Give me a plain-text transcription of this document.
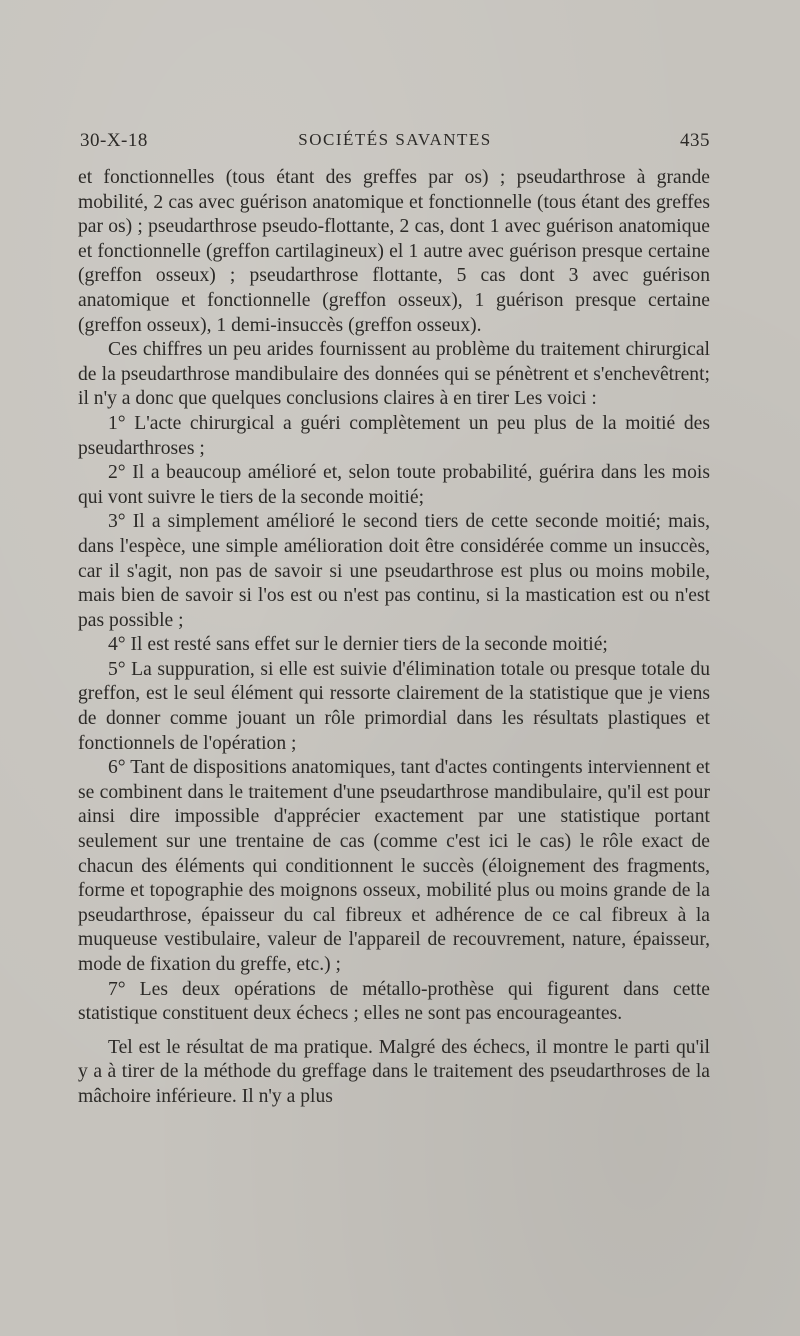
30-X-18	SOCIÉTÉS SAVANTES	435

et fonctionnelles (tous étant des greffes par os) ; pseudarthrose à grande mobilité, 2 cas avec guérison anatomique et fonctionnelle (tous étant des greffes par os) ; pseudarthrose pseudo-flottante, 2 cas, dont 1 avec guérison anatomique et fonctionnelle (greffon cartilagineux) el 1 autre avec guérison presque certaine (greffon osseux) ; pseudarthrose flottante, 5 cas dont 3 avec guérison anatomique et fonctionnelle (greffon osseux), 1 guérison presque certaine (greffon osseux), 1 demi-insuccès (greffon osseux).

Ces chiffres un peu arides fournissent au problème du traitement chirurgical de la pseudarthrose mandibulaire des données qui se pénètrent et s'enchevêtrent; il n'y a donc que quelques conclusions claires à en tirer Les voici :

1° L'acte chirurgical a guéri complètement un peu plus de la moitié des pseudarthroses ;

2° Il a beaucoup amélioré et, selon toute probabilité, guérira dans les mois qui vont suivre le tiers de la seconde moitié;

3° Il a simplement amélioré le second tiers de cette seconde moitié; mais, dans l'espèce, une simple amélioration doit être considérée comme un insuccès, car il s'agit, non pas de savoir si une pseudarthrose est plus ou moins mobile, mais bien de savoir si l'os est ou n'est pas continu, si la mastication est ou n'est pas possible ;

4° Il est resté sans effet sur le dernier tiers de la seconde moitié;

5° La suppuration, si elle est suivie d'élimination totale ou presque totale du greffon, est le seul élément qui ressorte clairement de la statistique que je viens de donner comme jouant un rôle primordial dans les résultats plastiques et fonctionnels de l'opération ;

6° Tant de dispositions anatomiques, tant d'actes contingents interviennent et se combinent dans le traitement d'une pseudarthrose mandibulaire, qu'il est pour ainsi dire impossible d'apprécier exactement par une statistique portant seulement sur une trentaine de cas (comme c'est ici le cas) le rôle exact de chacun des éléments qui conditionnent le succès (éloignement des fragments, forme et topographie des moignons osseux, mobilité plus ou moins grande de la pseudarthrose, épaisseur du cal fibreux et adhérence de ce cal fibreux à la muqueuse vestibulaire, valeur de l'appareil de recouvrement, nature, épaisseur, mode de fixation du greffe, etc.) ;

7° Les deux opérations de métallo-prothèse qui figurent dans cette statistique constituent deux échecs ; elles ne sont pas encourageantes.

Tel est le résultat de ma pratique. Malgré des échecs, il montre le parti qu'il y a à tirer de la méthode du greffage dans le traitement des pseudarthroses de la mâchoire inférieure. Il n'y a plus
